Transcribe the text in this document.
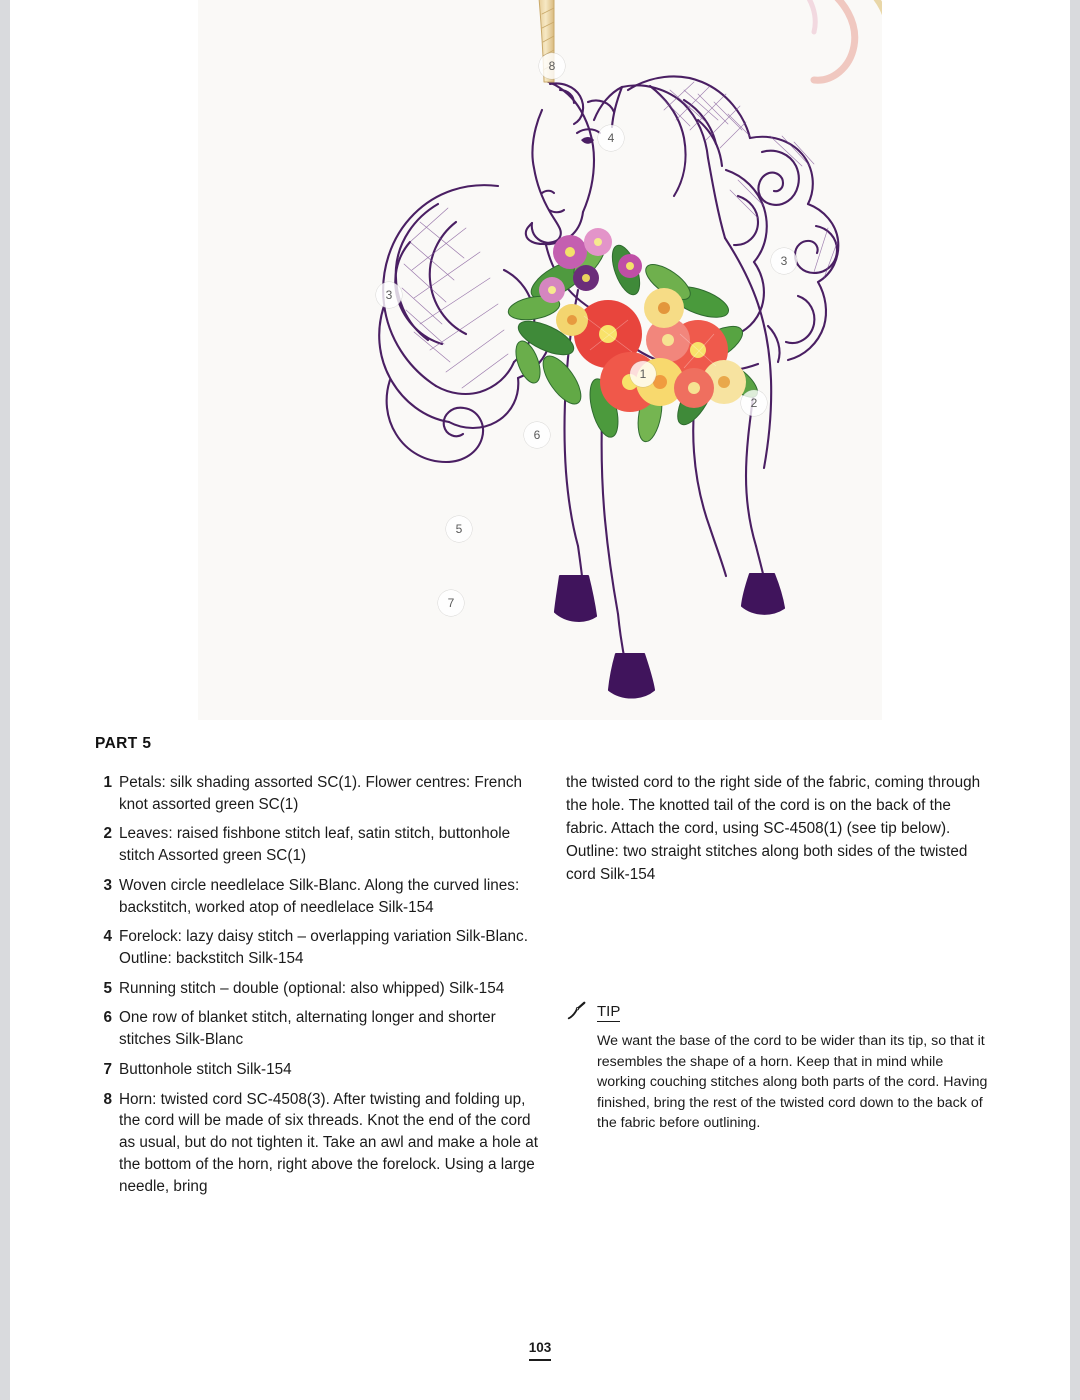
8
4
3
3
1
2
6
5
7
PART 5
1 Petals: silk shading assorted SC(1). Flower centres: French knot assorted green SC(1)
2 Leaves: raised fishbone stitch leaf, satin stitch, buttonhole stitch Assorted green SC(1)
3 Woven circle needlelace Silk-Blanc. Along the curved lines: backstitch, worked atop of needlelace Silk-154
4 Forelock: lazy daisy stitch – overlapping variation Silk-Blanc. Outline: backstitch Silk-154
5 Running stitch – double (optional: also whipped) Silk-154
6 One row of blanket stitch, alternating longer and shorter stitches Silk-Blanc
7 Buttonhole stitch Silk-154
8 Horn: twisted cord SC-4508(3). After twisting and folding up, the cord will be made of six threads. Knot the end of the cord as usual, but do not tighten it. Take an awl and make a hole at the bottom of the horn, right above the forelock. Using a large needle, bring
the twisted cord to the right side of the fabric, coming through the hole. The knotted tail of the cord is on the back of the fabric. Attach the cord, using SC-4508(1) (see tip below). Outline: two straight stitches along both sides of the twisted cord Silk-154
TIP
We want the base of the cord to be wider than its tip, so that it resembles the shape of a horn. Keep that in mind while working couching stitches along both parts of the cord. Having finished, bring the rest of the twisted cord down to the back of the fabric before outlining.
103
